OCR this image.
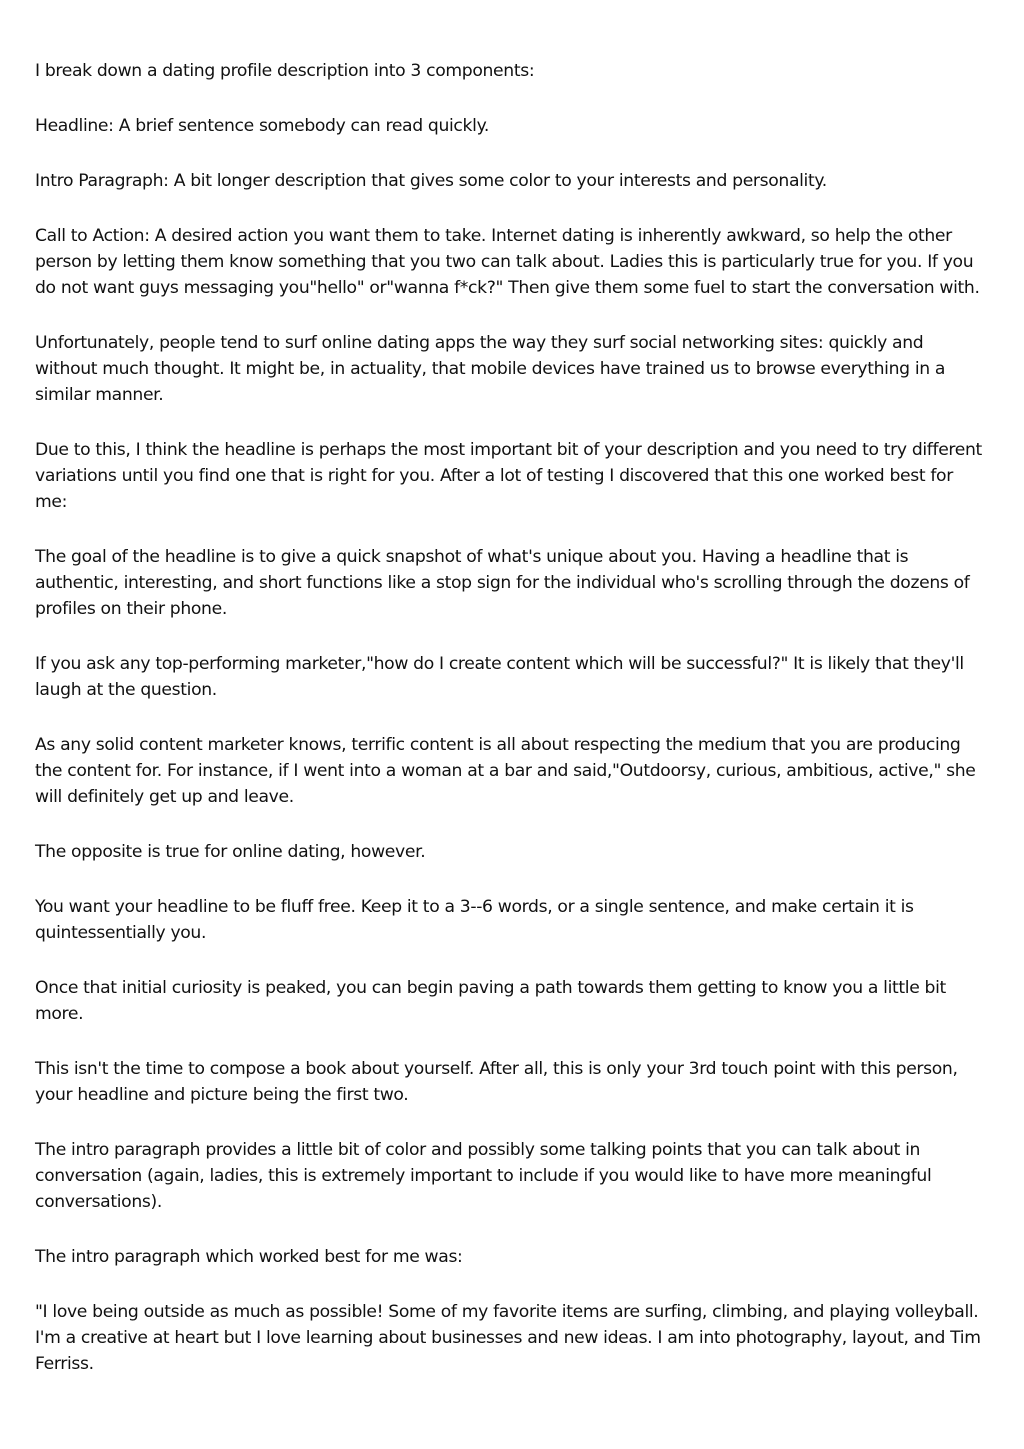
I break down a dating profile description into 3 components:

Headline: A brief sentence somebody can read quickly.

Intro Paragraph: A bit longer description that gives some color to your interests and personality.

Call to Action: A desired action you want them to take. Internet dating is inherently awkward, so help the other person by letting them know something that you two can talk about. Ladies this is particularly true for you. If you do not want guys messaging you"hello" or"wanna f*ck?" Then give them some fuel to start the conversation with.

Unfortunately, people tend to surf online dating apps the way they surf social networking sites: quickly and without much thought. It might be, in actuality, that mobile devices have trained us to browse everything in a similar manner.

Due to this, I think the headline is perhaps the most important bit of your description and you need to try different variations until you find one that is right for you. After a lot of testing I discovered that this one worked best for me:

The goal of the headline is to give a quick snapshot of what's unique about you. Having a headline that is authentic, interesting, and short functions like a stop sign for the individual who's scrolling through the dozens of profiles on their phone.

If you ask any top-performing marketer,"how do I create content which will be successful?" It is likely that they'll laugh at the question.

As any solid content marketer knows, terrific content is all about respecting the medium that you are producing the content for. For instance, if I went into a woman at a bar and said,"Outdoorsy, curious, ambitious, active," she will definitely get up and leave.

The opposite is true for online dating, however.

You want your headline to be fluff free. Keep it to a 3--6 words, or a single sentence, and make certain it is quintessentially you.

Once that initial curiosity is peaked, you can begin paving a path towards them getting to know you a little bit more.

This isn't the time to compose a book about yourself. After all, this is only your 3rd touch point with this person, your headline and picture being the first two.

The intro paragraph provides a little bit of color and possibly some talking points that you can talk about in conversation (again, ladies, this is extremely important to include if you would like to have more meaningful conversations).

The intro paragraph which worked best for me was:

"I love being outside as much as possible! Some of my favorite items are surfing, climbing, and playing volleyball. I'm a creative at heart but I love learning about businesses and new ideas. I am into photography, layout, and Tim Ferriss.
